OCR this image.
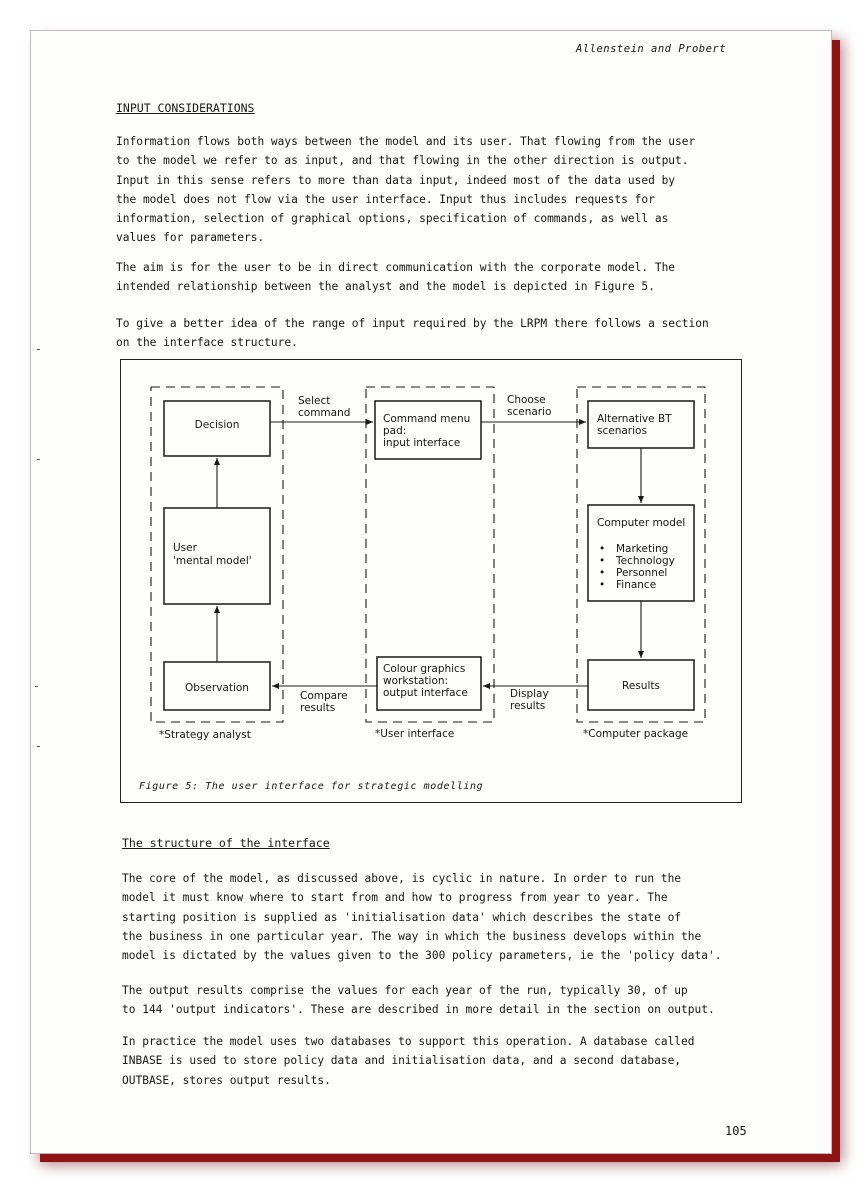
Allenstein and Probert
INPUT CONSIDERATIONS
Information flows both ways between the model and its user. That flowing from the user
to the model we refer to as input, and that flowing in the other direction is output.
Input in this sense refers to more than data input, indeed most of the data used by
the model does not flow via the user interface. Input thus includes requests for
information, selection of graphical options, specification of commands, as well as
values for parameters.
The aim is for the user to be in direct communication with the corporate model. The
intended relationship between the analyst and the model is depicted in Figure 5.
To give a better idea of the range of input required by the LRPM there follows a section
on the interface structure.
Decision
User
'mental model'
Observation
Command menu
pad:
input interface
Colour graphics
workstation:
output interface
Alternative BT
scenarios
Computer model
•
•
•
•
Marketing
Technology
Personnel
Finance
Results
Select
command
Choose
scenario
Compare
results
Display
results
*Strategy analyst	*User interface	*Computer package
Figure 5: The user interface for strategic modelling
The structure of the interface
The core of the model, as discussed above, is cyclic in nature. In order to run the
model it must know where to start from and how to progress from year to year. The
starting position is supplied as 'initialisation data' which describes the state of
the business in one particular year. The way in which the business develops within the
model is dictated by the values given to the 300 policy parameters, ie the 'policy data'.
The output results comprise the values for each year of the run, typically 30, of up
to 144 'output indicators'. These are described in more detail in the section on output.
In practice the model uses two databases to support this operation. A database called
INBASE is used to store policy data and initialisation data, and a second database,
OUTBASE, stores output results.
105
